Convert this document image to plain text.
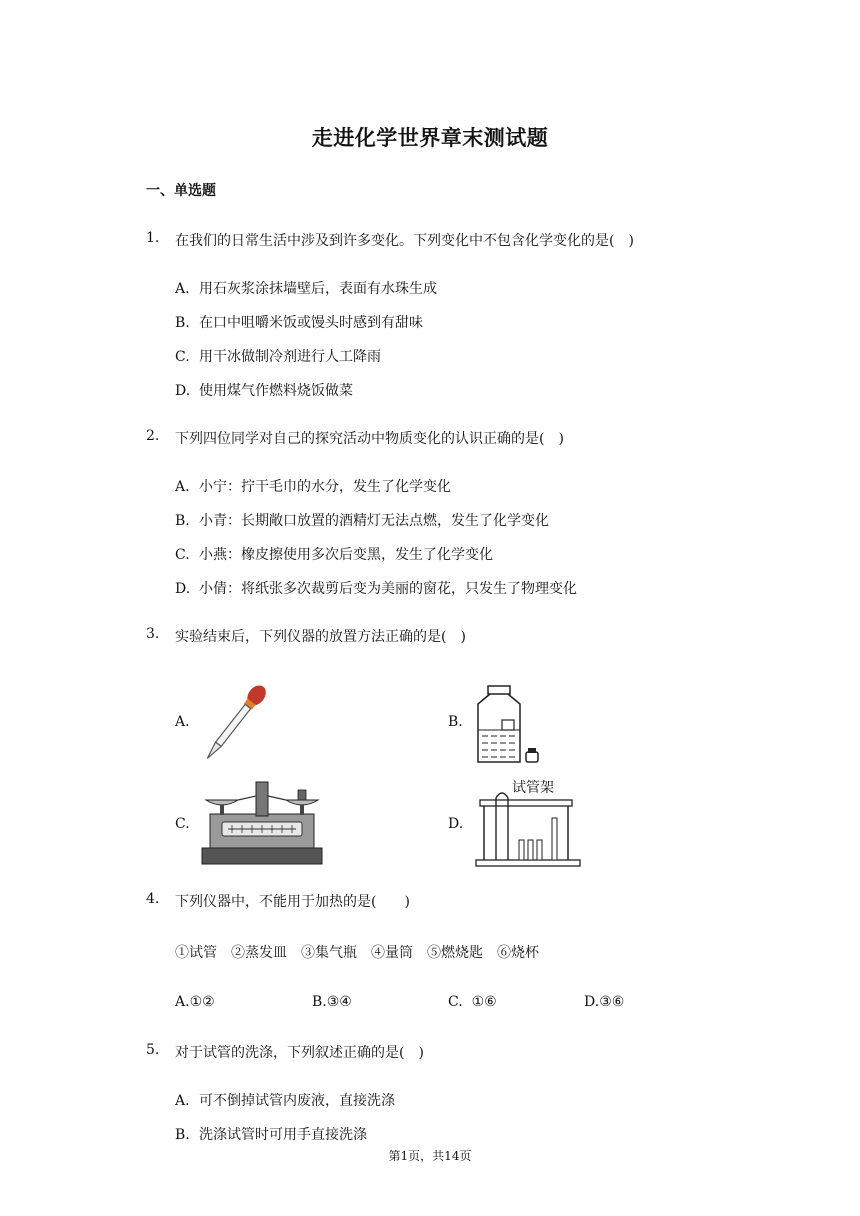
走进化学世界章末测试题
一、单选题
1. 在我们的日常生活中涉及到许多变化。下列变化中不包含化学变化的是(　)
A. 用石灰浆涂抹墙壁后，表面有水珠生成
B. 在口中咀嚼米饭或馒头时感到有甜味
C. 用干冰做制冷剂进行人工降雨
D. 使用煤气作燃料烧饭做菜
2. 下列四位同学对自己的探究活动中物质变化的认识正确的是(　)
A. 小宁：拧干毛巾的水分，发生了化学变化
B. 小青：长期敞口放置的酒精灯无法点燃，发生了化学变化
C. 小燕：橡皮擦使用多次后变黑，发生了化学变化
D. 小倩：将纸张多次裁剪后变为美丽的窗花，只发生了物理变化
3. 实验结束后，下列仪器的放置方法正确的是(　)
A.	B.
C.	D.
试管架
4. 下列仪器中，不能用于加热的是(　　)
①试管　②蒸发皿　③集气瓶　④量筒　⑤燃烧匙　⑥烧杯
A.①②	B.③④	C. ①⑥	D.③⑥
5. 对于试管的洗涤，下列叙述正确的是(　)
A. 可不倒掉试管内废液，直接洗涤
B. 洗涤试管时可用手直接洗涤
第1页，共14页
